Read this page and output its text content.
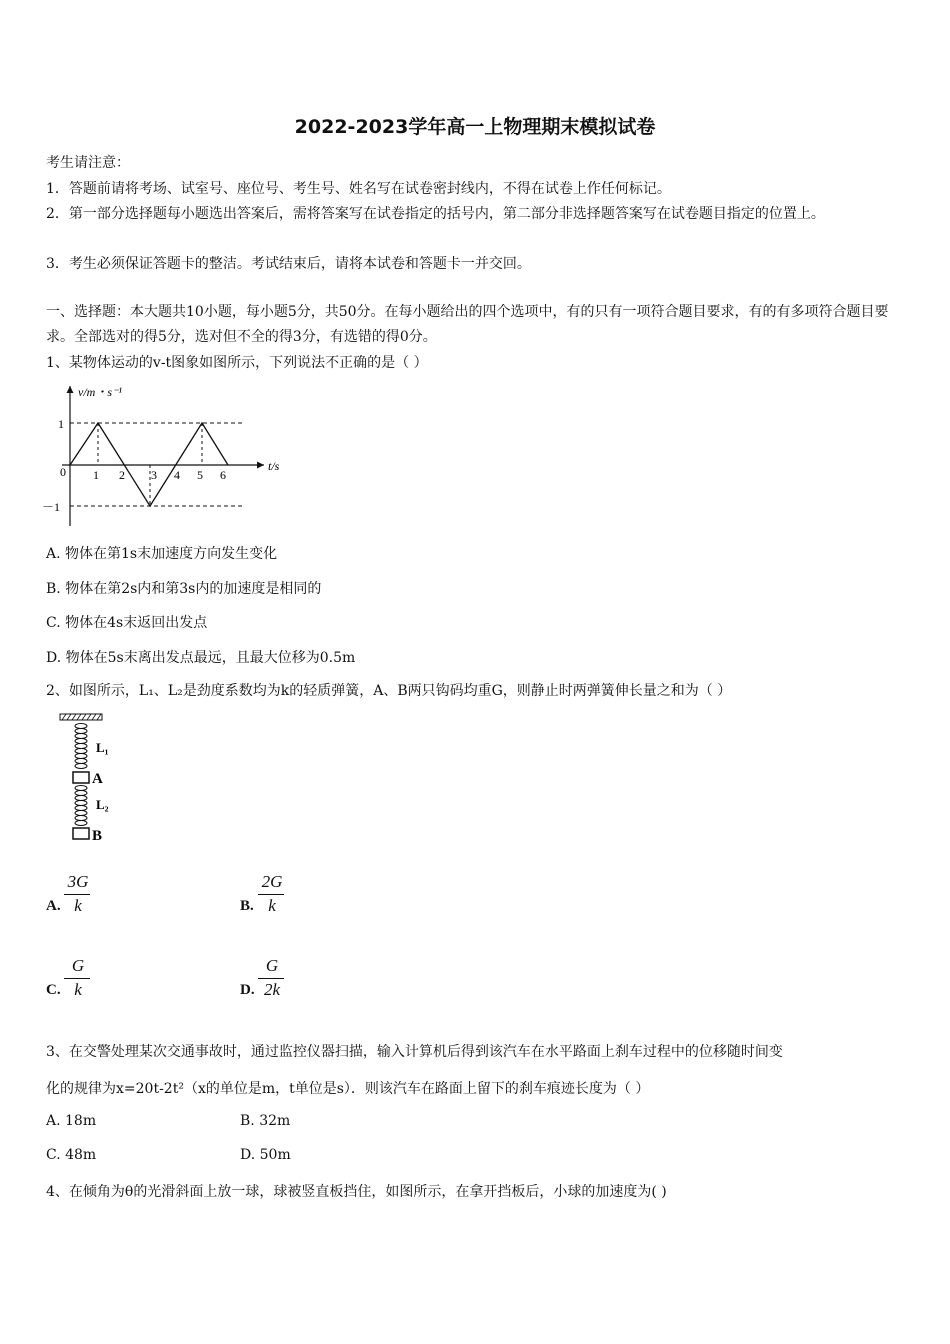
2022-2023学年高一上物理期末模拟试卷
考生请注意：
1．答题前请将考场、试室号、座位号、考生号、姓名写在试卷密封线内，不得在试卷上作任何标记。
2．第一部分选择题每小题选出答案后，需将答案写在试卷指定的括号内，第二部分非选择题答案写在试卷题目指定的位置上。
3．考生必须保证答题卡的整洁。考试结束后，请将本试卷和答题卡一并交回。
一、选择题：本大题共10小题，每小题5分，共50分。在每小题给出的四个选项中，有的只有一项符合题目要求，有的有多项符合题目要求。全部选对的得5分，选对但不全的得3分，有选错的得0分。
1、某物体运动的v-t图象如图所示，下列说法不正确的是（ ）
v/m・s⁻¹
t/s
0
1
－1
1 2 3 4 5 6
A. 物体在第1s末加速度方向发生变化
B. 物体在第2s内和第3s内的加速度是相同的
C. 物体在4s末返回出发点
D. 物体在5s末离出发点最远，且最大位移为0.5m
2、如图所示，L₁、L₂是劲度系数均为k的轻质弹簧，A、B两只钩码均重G，则静止时两弹簧伸长量之和为（ ）
L₁
A
L₂
B
A.
3G
k	B.
2G
k
C.
G
k	D.
G
2k
3、在交警处理某次交通事故时，通过监控仪器扫描，输入计算机后得到该汽车在水平路面上刹车过程中的位移随时间变
化的规律为x=20t-2t²（x的单位是m，t单位是s）．则该汽车在路面上留下的刹车痕迹长度为（ ）
A. 18m	B. 32m
C. 48m	D. 50m
4、在倾角为θ的光滑斜面上放一球，球被竖直板挡住，如图所示，在拿开挡板后，小球的加速度为( )
